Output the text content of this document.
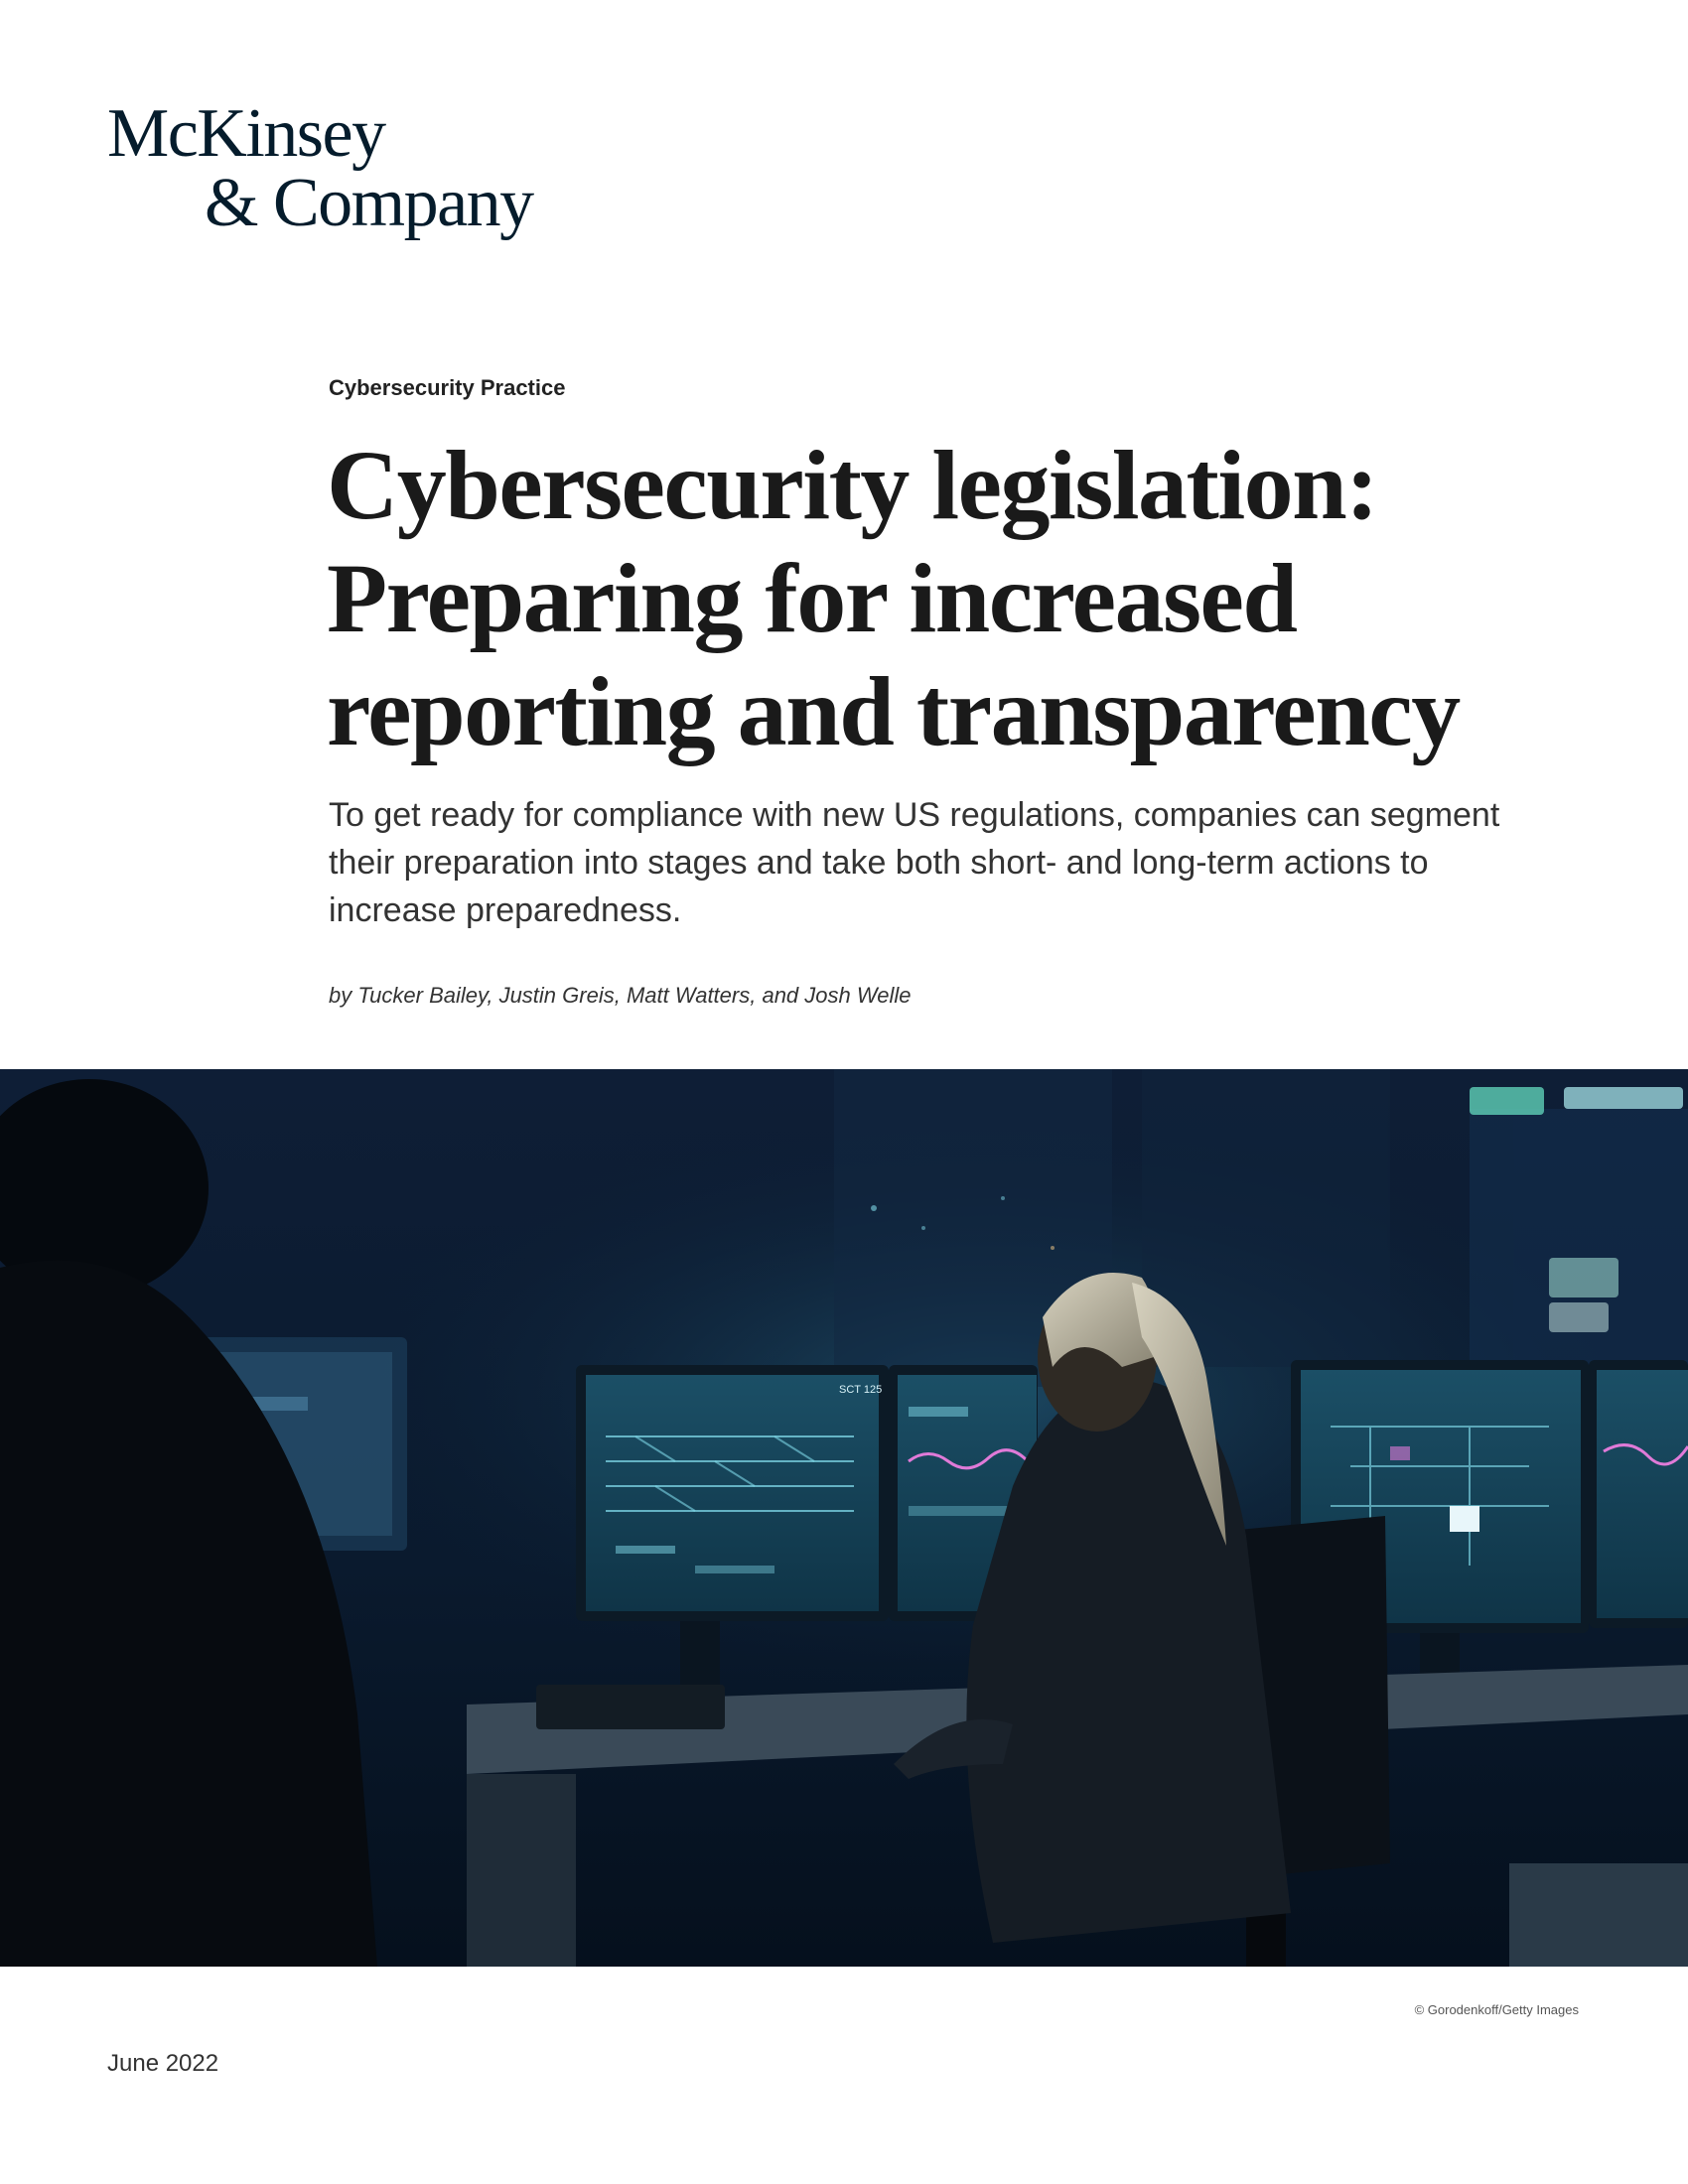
McKinsey
& Company
Cybersecurity Practice
Cybersecurity legislation:
Preparing for increased
reporting and transparency
To get ready for compliance with new US regulations, companies can segment
their preparation into stages and take both short- and long-term actions to
increase preparedness.
by Tucker Bailey, Justin Greis, Matt Watters, and Josh Welle
SCT 125
© Gorodenkoff/Getty Images
June 2022
